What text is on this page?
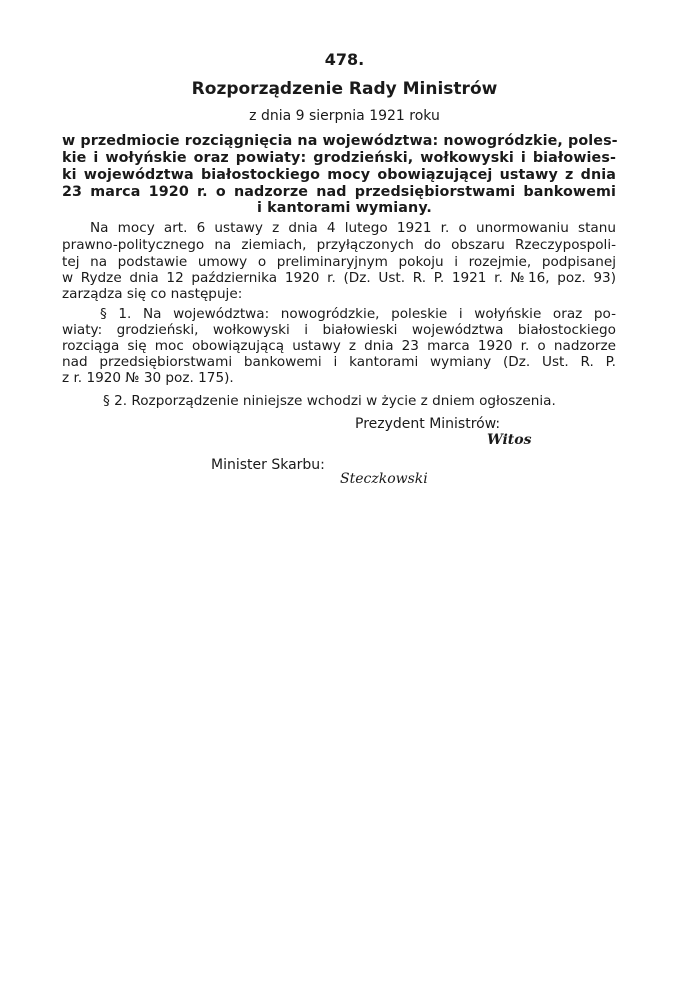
478.
Rozporządzenie Rady Ministrów
z dnia 9 sierpnia 1921 roku
w przedmiocie rozciągnięcia na województwa: nowogródzkie, poles-
kie i wołyńskie oraz powiaty: grodzieński, wołkowyski i białowies-
ki województwa białostockiego mocy obowiązującej ustawy z dnia
23 marca 1920 r. o nadzorze nad przedsiębiorstwami bankowemi
i kantorami wymiany.
Na mocy art. 6 ustawy z dnia 4 lutego 1921 r. o unormowaniu stanu
prawno-politycznego na ziemiach, przyłączonych do obszaru Rzeczypospoli-
tej na podstawie umowy o preliminaryjnym pokoju i rozejmie, podpisanej
w Rydze dnia 12 października 1920 r. (Dz. Ust. R. P. 1921 r. №16, poz. 93)
zarządza się co następuje:
§ 1. Na województwa: nowogródzkie, poleskie i wołyńskie oraz po-
wiaty: grodzieński, wołkowyski i białowieski województwa białostockiego
rozciąga się moc obowiązującą ustawy z dnia 23 marca 1920 r. o nadzorze
nad przedsiębiorstwami bankowemi i kantorami wymiany (Dz. Ust. R. P.
z r. 1920 № 30 poz. 175).
§ 2. Rozporządzenie niniejsze wchodzi w życie z dniem ogłoszenia.
Prezydent Ministrów:
Witos
Minister Skarbu:
Steczkowski
